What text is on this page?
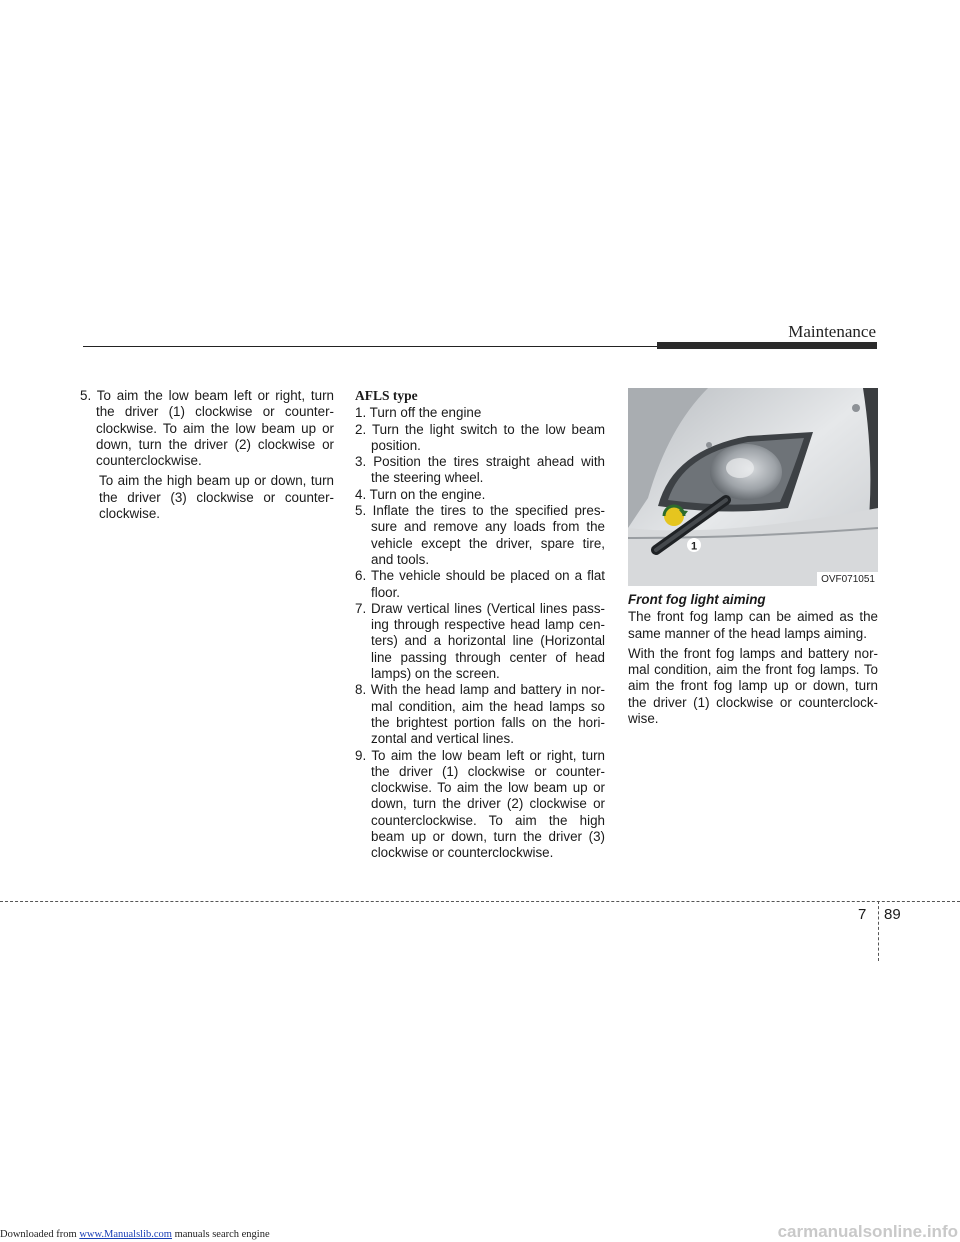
Maintenance

5. To aim the low beam left or right, turn the driver (1) clockwise or counter-clockwise. To aim the low beam up or down, turn the driver (2) clockwise or counterclockwise.

To aim the high beam up or down, turn the driver (3) clockwise or counter-clockwise.

AFLS type

1. Turn off the engine

2. Turn the light switch to the low beam position.

3. Position the tires straight ahead with the steering wheel.

4. Turn on the engine.

5. Inflate the tires to the specified pres-sure and remove any loads from the vehicle except the driver, spare tire, and tools.

6. The vehicle should be placed on a flat floor.

7. Draw vertical lines (Vertical lines pass-ing through respective head lamp cen-ters) and a horizontal line (Horizontal line passing through center of head lamps) on the screen.

8. With the head lamp and battery in nor-mal condition, aim the head lamps so the brightest portion falls on the hori-zontal and vertical lines.

9. To aim the low beam left or right, turn the driver (1) clockwise or counter-clockwise. To aim the low beam up or down, turn the driver (2) clockwise or counterclockwise. To aim the high beam up or down, turn the driver (3) clockwise or counterclockwise.

1
OVF071051

Front fog light aiming

The front fog lamp can be aimed as the same manner of the head lamps aiming.

With the front fog lamps and battery nor-mal condition, aim the front fog lamps. To aim the front fog lamp up or down, turn the driver (1) clockwise or counterclock-wise.

7 89
Downloaded from www.Manualslib.com manuals search engine	carmanualsonline.info
